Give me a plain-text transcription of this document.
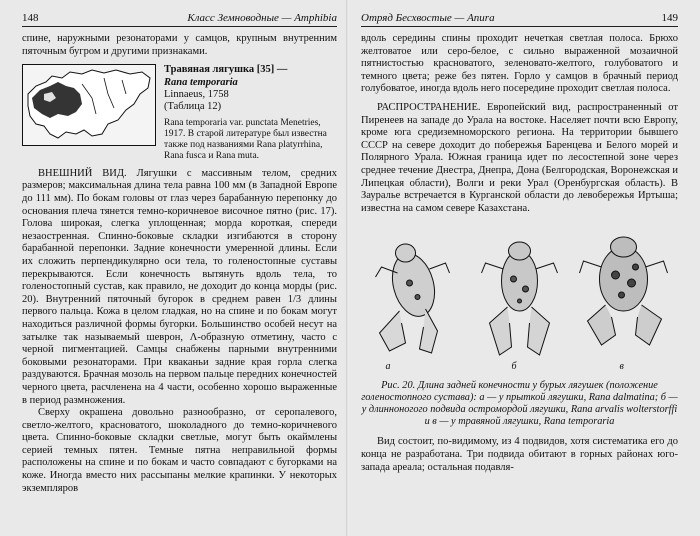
148	Класс Земноводные — Amphibia

спине, наружными резонаторами у самцов, крупным внутренним пяточным бугром и другими признаками.

Травяная лягушка [35] —
Rana temporaria
Linnaeus, 1758
(Таблица 12)
Rana temporaria var. punctata Menetries, 1917. В старой литературе был известна также под названиями Rana platyrrhina, Rana fusca и Rana muta.

ВНЕШНИЙ ВИД. Лягушки с массивным телом, средних размеров; максимальная длина тела равна 100 мм (в Западной Европе до 111 мм). По бокам головы от глаз через барабанную перепонку до основания плеча тянется темно-коричневое височное пятно (рис. 17). Голова широкая, слегка уплощенная; морда короткая, спереди незаостренная. Спинно-боковые складки изгибаются в сторону барабанной перепонки. Задние конечности умеренной длины. Если их сложить перпендикулярно оси тела, то голеностопные суставы перекрываются. Если конечность вытянуть вдоль тела, то голеностопный сустав, как правило, не доходит до конца морды (рис. 20). Внутренний пяточный бугорок в среднем равен 1/3 длины первого пальца. Кожа в целом гладкая, но на спине и по бокам могут находиться различной формы бугорки. Большинство особей несут на затылке так называемый шеврон, Λ-образную отметину, часто с черной пигментацией. Самцы снабжены парными внутренними боковыми резонаторами. При кваканьи задние края горла слегка раздуваются. Брачная мозоль на первом пальце передних конечностей черного цвета, расчленена на 4 части, особенно хорошо выраженные в период размножения.

Сверху окрашена довольно разнообразно, от серопалевого, светло-желтого, красноватого, шоколадного до темно-коричневого цвета. Спинно-боковые складки светлые, могут быть окаймлены серией темных пятен. Темные пятна неправильной формы расположены на спине и по бокам и часто совпадают с бугорками на коже. Иногда вместо них рассыпаны мелкие крапинки. У некоторых экземпляров

Отряд Бесхвостые — Anura	149

вдоль середины спины проходит нечеткая светлая полоса. Брюхо желтоватое или серо-белое, с сильно выраженной мозаичной пятнистостью красноватого, зеленовато-желтого, голубоватого и темного цвета; реже без пятен. Горло у самцов в брачный период голубоватое, иногда вдоль него посередине проходит светлая полоса.

РАСПРОСТРАНЕНИЕ. Европейский вид, распространенный от Пиренеев на западе до Урала на востоке. Населяет почти всю Европу, кроме юга средиземноморского региона. На территории бывшего СССР на севере доходит до побережья Баренцева и Белого морей и Полярного Урала. Южная граница идет по лесостепной зоне через среднее течение Днестра, Днепра, Дона (Белгородская, Воронежская и Липецкая области), Волги и реки Урал (Оренбургская область). В Зауралье встречается в Курганской области до левобережья Иртыша; известна на самом севере Казахстана.

а	б	в
Рис. 20. Длина задней конечности у бурых лягушек (положение голеностопного сустава): а — у прыткой лягушки, Rana dalmatina; б — у длинноногого подвида остромордой лягушки, Rana arvalis wolterstorffi и в — у травяной лягушки, Rana temporaria

Вид состоит, по-видимому, из 4 подвидов, хотя систематика его до конца не разработана. Три подвида обитают в горных районах юго-запада ареала; остальная подавля-
